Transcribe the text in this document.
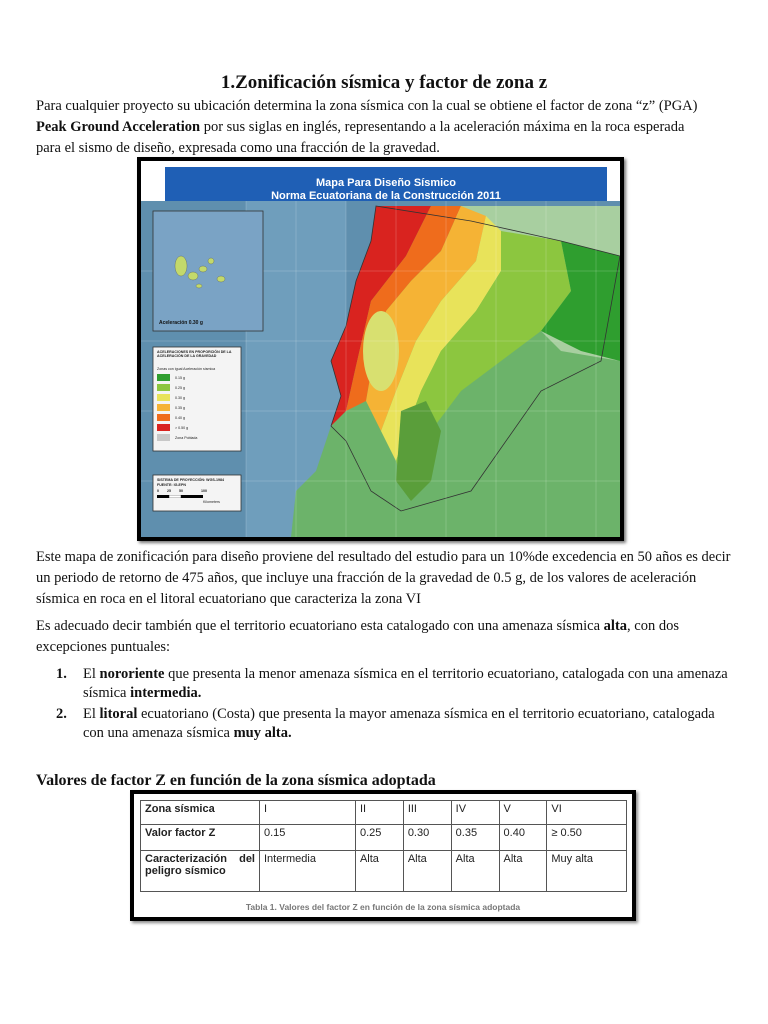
1.Zonificación sísmica y factor de zona z
Para cualquier proyecto su ubicación determina la zona sísmica con la cual se obtiene el factor de zona “z” (PGA)
Peak Ground Acceleration por sus siglas en inglés, representando a la aceleración máxima en la roca esperada
para el sismo de diseño, expresada como una fracción de la gravedad.
Mapa Para Diseño Sísmico
Norma Ecuatoriana de la Construcción 2011
Aceleración 0.30 g
ACELERACIONES EN PROPORCIÓN DE LA ACELERACIÓN DE LA GRAVEDAD
Zonas con igual Aceleración sísmica
0.15 g
0.25 g
0.30 g
0.35 g
0.40 g
> 0.50 g
Zona Poblada
SISTEMA DE PROYECCIÓN: WGS-1984
FUENTE: IG-EPN
0 25 50	100
Kilometers
Este mapa de zonificación para diseño proviene del resultado del estudio para un 10%de excedencia en 50 años es decir un periodo de retorno de 475 años, que incluye una fracción de la gravedad de 0.5 g, de los valores de aceleración sísmica en roca en el litoral ecuatoriano que caracteriza la zona VI
Es adecuado decir también que el territorio ecuatoriano esta catalogado con una amenaza sísmica alta, con dos excepciones puntuales:
1. El nororiente que presenta la menor amenaza sísmica en el territorio ecuatoriano, catalogada con una amenaza sísmica intermedia.
2. El litoral ecuatoriano (Costa) que presenta la mayor amenaza sísmica en el territorio ecuatoriano, catalogada con una amenaza sísmica muy alta.
Valores de factor Z en función de la zona sísmica adoptada
Zona sísmica	I	II	III	IV	V	VI
Valor factor Z	0.15	0.25	0.30	0.35	0.40	≥ 0.50

Caracterización del
peligro sísmico	Intermedia	Alta	Alta	Alta	Alta	Muy alta
Tabla 1. Valores del factor Z en función de la zona sísmica adoptada
